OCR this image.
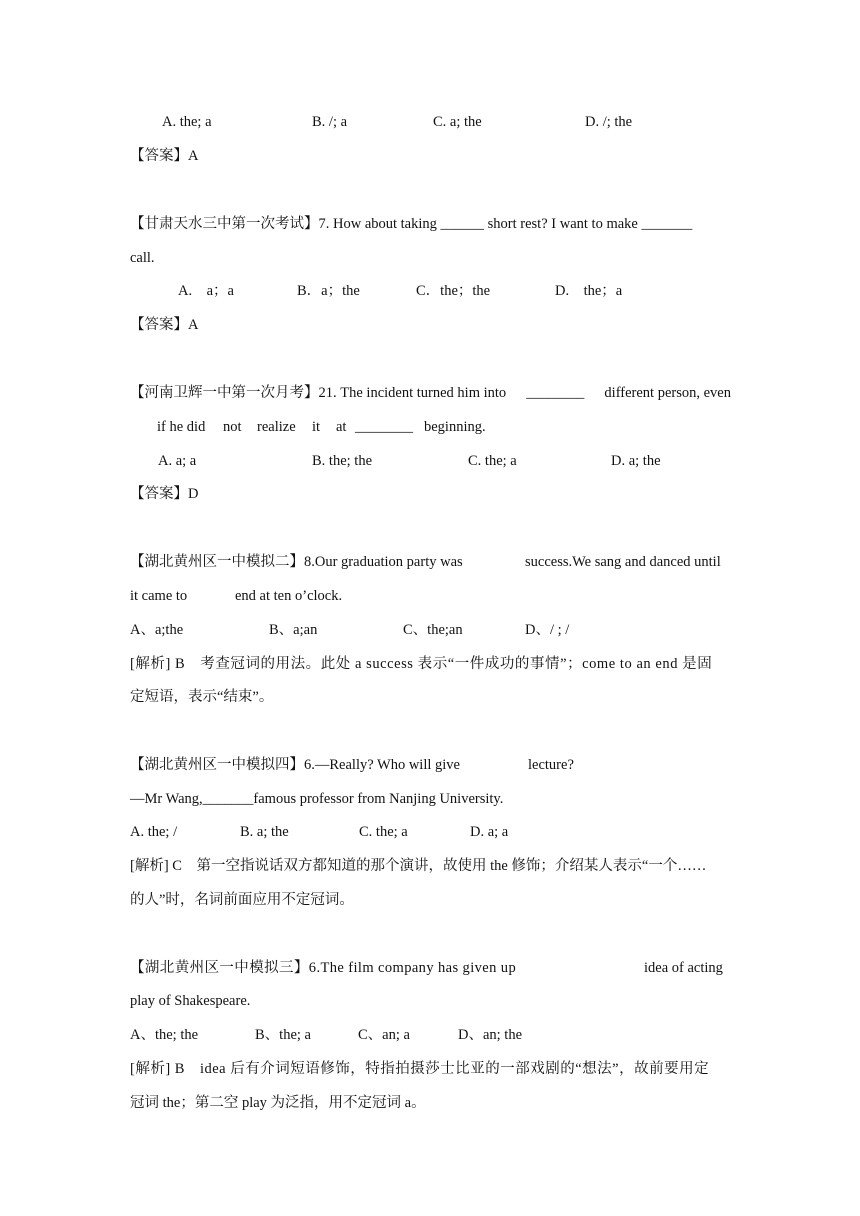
A. the; a	B. /; a	C. a; the	D. /; the
【答案】A
【甘肃天水三中第一次考试】7. How about taking ______ short rest? I want to make _______
call.
A.　a；a	B．a；the	C．the；the	D.　the；a
【答案】A
【河南卫辉一中第一次月考】21. The incident turned him into ________ different person, even
if he did not realize it at ________ beginning.
A. a; a	B. the; the	C. the; a	D. a; the
【答案】D
【湖北黄州区一中模拟二】8.Our graduation party was	success.We sang and danced until
it came to	end at ten o’clock.
A、a;the	B、a;an	C、the;an	D、/ ; /
[解析] B　考查冠词的用法。此处 a success 表示“一件成功的事情”；come to an end 是固
定短语，表示“结束”。
【湖北黄州区一中模拟四】6.—Really? Who will give	lecture?
—Mr Wang,_______famous professor from Nanjing University.
A. the; /	B. a; the	C. the; a	D. a; a
[解析] C　第一空指说话双方都知道的那个演讲，故使用 the 修饰；介绍某人表示“一个……
的人”时，名词前面应用不定冠词。
【湖北黄州区一中模拟三】6.The film company has given up	idea of acting
play of Shakespeare.
A、the; the	B、the; a	C、an; a	D、an; the
[解析] B　idea 后有介词短语修饰，特指拍摄莎士比亚的一部戏剧的“想法”，故前要用定
冠词 the；第二空 play 为泛指，用不定冠词 a。
